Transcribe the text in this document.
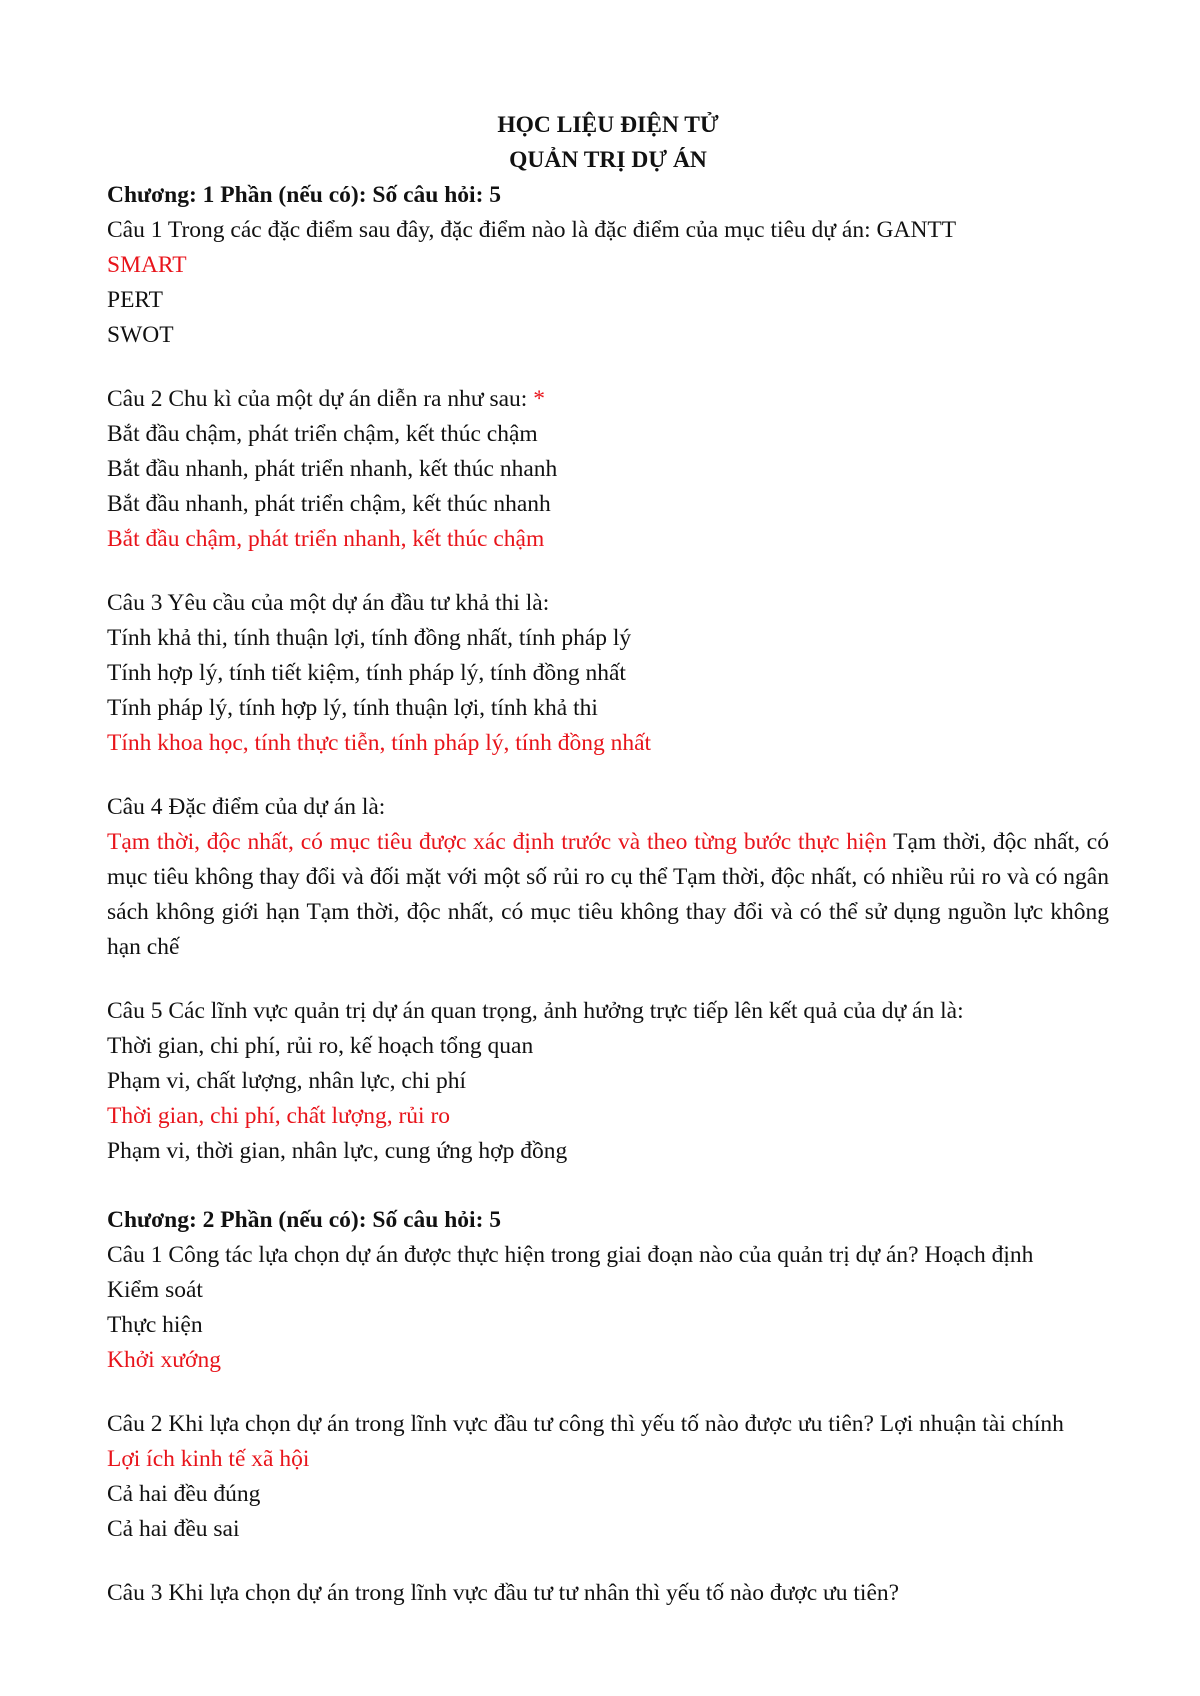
HỌC LIỆU ĐIỆN TỬ
QUẢN TRỊ DỰ ÁN
Chương: 1 Phần (nếu có): Số câu hỏi: 5
Câu 1 Trong các đặc điểm sau đây, đặc điểm nào là đặc điểm của mục tiêu dự án: GANTT
SMART
PERT
SWOT
Câu 2 Chu kì của một dự án diễn ra như sau: *
Bắt đầu chậm, phát triển chậm, kết thúc chậm
Bắt đầu nhanh, phát triển nhanh, kết thúc nhanh
Bắt đầu nhanh, phát triển chậm, kết thúc nhanh
Bắt đầu chậm, phát triển nhanh, kết thúc chậm
Câu 3 Yêu cầu của một dự án đầu tư khả thi là:
Tính khả thi, tính thuận lợi, tính đồng nhất, tính pháp lý
Tính hợp lý, tính tiết kiệm, tính pháp lý, tính đồng nhất
Tính pháp lý, tính hợp lý, tính thuận lợi, tính khả thi
Tính khoa học, tính thực tiễn, tính pháp lý, tính đồng nhất
Câu 4 Đặc điểm của dự án là:
Tạm thời, độc nhất, có mục tiêu được xác định trước và theo từng bước thực hiện Tạm thời, độc nhất, có mục tiêu không thay đổi và đối mặt với một số rủi ro cụ thể Tạm thời, độc nhất, có nhiều rủi ro và có ngân sách không giới hạn Tạm thời, độc nhất, có mục tiêu không thay đổi và có thể sử dụng nguồn lực không hạn chế
Câu 5 Các lĩnh vực quản trị dự án quan trọng, ảnh hưởng trực tiếp lên kết quả của dự án là:
Thời gian, chi phí, rủi ro, kế hoạch tổng quan
Phạm vi, chất lượng, nhân lực, chi phí
Thời gian, chi phí, chất lượng, rủi ro
Phạm vi, thời gian, nhân lực, cung ứng hợp đồng
Chương: 2 Phần (nếu có): Số câu hỏi: 5
Câu 1 Công tác lựa chọn dự án được thực hiện trong giai đoạn nào của quản trị dự án? Hoạch định
Kiểm soát
Thực hiện
Khởi xướng
Câu 2 Khi lựa chọn dự án trong lĩnh vực đầu tư công thì yếu tố nào được ưu tiên? Lợi nhuận tài chính
Lợi ích kinh tế xã hội
Cả hai đều đúng
Cả hai đều sai
Câu 3 Khi lựa chọn dự án trong lĩnh vực đầu tư tư nhân thì yếu tố nào được ưu tiên?
